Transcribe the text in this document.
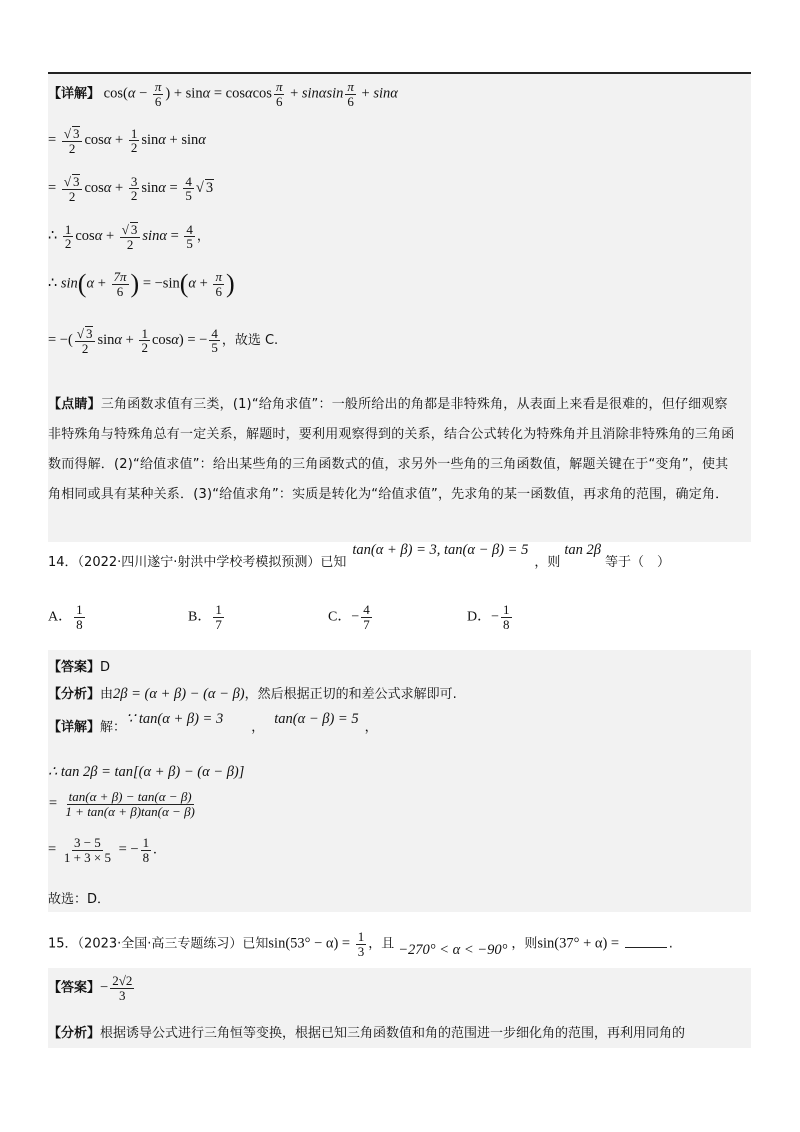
【详解】 $\cos(\alpha - \frac{\pi}{6}$ ) + sinα = cosαcos $\frac{\pi}{6} + \sin\alpha\sin \frac{\pi}{6} + \sin\alpha$
= $\frac{√ 3}{2}$ $\cos\alpha + \frac{1}{2}$ sinα + sinα
= $\frac{√ 3}{2}$ $\cos\alpha + \frac{3}{2}$ $\sin\alpha = \frac{4}{5}$ √ 3
∴ $\frac{1}{2}$ $\cos\alpha + \frac{√ 3}{2}$ $\sin\alpha = \frac{4}{5}$ ，
∴ $\sin(\alpha + \frac{7\pi}{6}$ ) = $-\sin(\alpha + \frac{\pi}{6}$ )
= −( $\frac{√ 3}{2}$ $\sin\alpha + \frac{1}{2} \cos\alpha$) = − $\frac{4}{5}$ ，故选 C.
【点睛】三角函数求值有三类，(1)“给角求值”：一般所给出的角都是非特殊角，从表面上来看是很难的，但仔细观察非特殊角与特殊角总有一定关系，解题时，要利用观察得到的关系，结合公式转化为特殊角并且消除非特殊角的三角函数而得解．(2)“给值求值”：给出某些角的三角函数式的值，求另外一些角的三角函数值，解题关键在于“变角”，使其角相同或具有某种关系．(3)“给值求角”：实质是转化为“给值求值”，先求角的某一函数值，再求角的范围，确定角．
14．（2022·四川遂宁·射洪中学校考模拟预测）已知tan(α + β) = 3, tan(α − β) = 5，则tan 2β等于（　）
A． $\frac{1}{8}$	B． $\frac{1}{7}$	C．− $\frac{4}{7}$	D．− $\frac{1}{8}$
【答案】D
【分析】由2β = (α + β) − (α − β)，然后根据正切的和差公式求解即可.
【详解】解：∵ tan(α + β) = 3，tan(α − β) = 5，
∴ tan 2β = tan[(α + β) − (α − β)]
= $\frac{\tan(\alpha + \beta) - \tan(\alpha - \beta)}{1 + \tan(\alpha + \beta)\tan(\alpha - \beta)}$
= $\frac{3 - 5}{1 + 3 \times 5}$ = − $\frac{1}{8}$ .
故选：D．
15．（2023·全国·高三专题练习）已知$\sin(53^\circ - \alpha) = \frac{1}{3}$ ，且 −270° < α < −90° ，则sin(37° + α) =	.
【答案】− $\frac{2√2}{3}$
【分析】根据诱导公式进行三角恒等变换，根据已知三角函数值和角的范围进一步细化角的范围，再利用同角的
